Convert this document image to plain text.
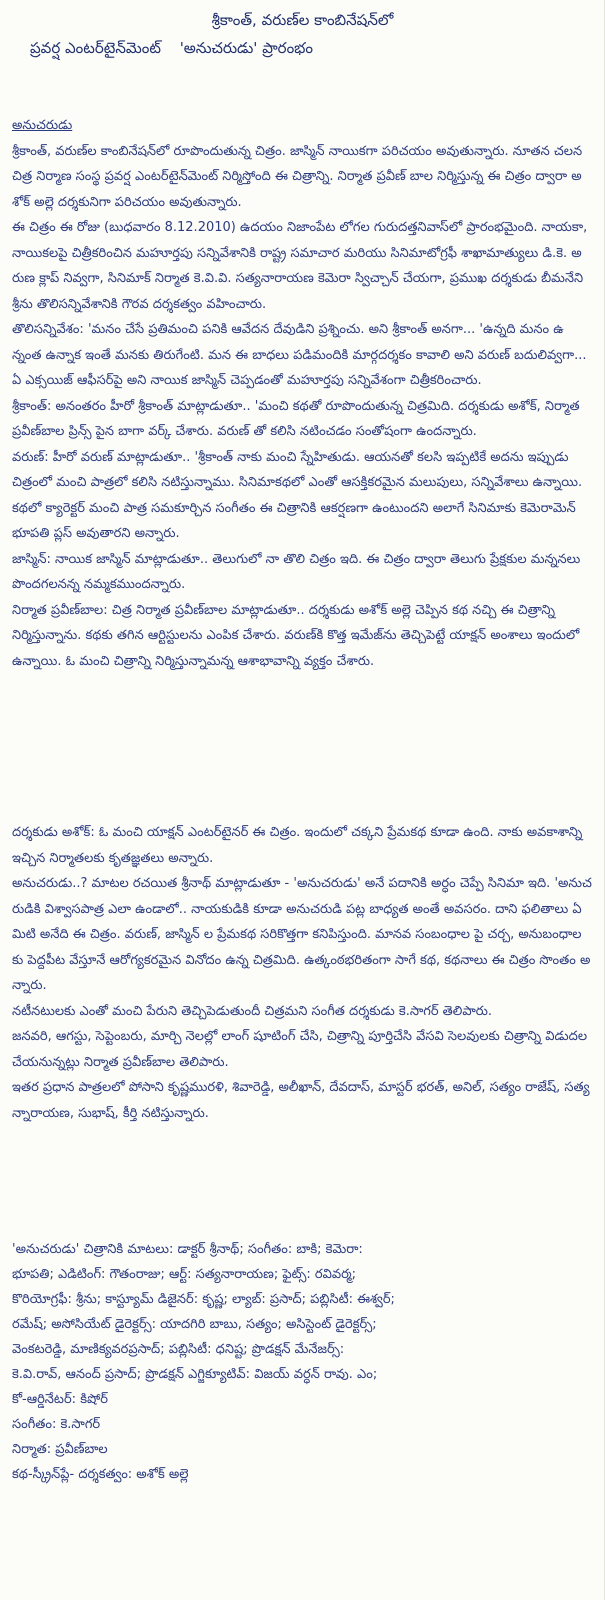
శ్రీకాంత్, వరుణ్‌ల కాంబినేషన్‌లో
ప్రవర్ష ఎంటర్‌టైన్‌మెంట్ 'అనుచరుడు' ప్రారంభం

అనుచరుడు

శ్రీకాంత్, వరుణ్‌ల కాంబినేషన్‌లో రూపొందుతున్న చిత్రం. జాస్మిన్ నాయికగా పరిచయం అవుతున్నారు. నూతన చలన చిత్ర నిర్మాణ సంస్థ ప్రవర్ష ఎంటర్‌టైన్‌మెంట్ నిర్మిస్తోంది ఈ చిత్రాన్ని. నిర్మాత ప్రవీణ్ బాల నిర్మిస్తున్న ఈ చిత్రం ద్వారా అశోక్ అల్లె దర్శకునిగా పరిచయం అవుతున్నారు.

ఈ చిత్రం ఈ రోజు (బుధవారం 8.12.2010) ఉదయం నిజాంపేట లోగల గురుదత్తనివాస్‌లో ప్రారంభమైంది. నాయకా,నాయికలపై చిత్రీకరించిన మహూర్తపు సన్నివేశానికి రాష్ట్ర సమాచార మరియు సినిమాటోగ్రఫీ శాఖామాత్యులు డి.కె. అరుణ క్లాప్ నివ్వగా, సినిమాక్ నిర్మాత కె.వి.వి. సత్యనారాయణ కెమెరా స్విచ్చాన్ చేయగా, ప్రముఖ దర్శకుడు బీమనేని శ్రీను తొలిసన్నివేశానికి గౌరవ దర్శకత్వం వహించారు.

తొలిసన్నివేశం: 'మనం చేసే ప్రతిమంచి పనికి ఆవేదన దేవుడిని ప్రశ్నించు. అని శ్రీకాంత్ అనగా... 'ఉన్నది మనం ఉన్నంత ఉన్నాక ఇంతే మనకు తిరుగేంటి. మన ఈ బాధలు పడిమందికి మార్గదర్శకం కావాలి అని వరుణ్ బదులివ్వగా... ఏ ఎక్సయిజ్ ఆఫీసర్‌పై అని నాయిక జాస్మిన్ చెప్పడంతో మహూర్తపు సన్నివేశంగా చిత్రీకరించారు.

శ్రీకాంత్: అనంతరం హీరో శ్రీకాంత్ మాట్లాడుతూ.. 'మంచి కథతో రూపొందుతున్న చిత్రమిది. దర్శకుడు అశోక్, నిర్మాత ప్రవీణ్‌బాల ప్రిన్స్ పైన బాగా వర్క్ చేశారు. వరుణ్ తో కలిసి నటించడం సంతోషంగా ఉందన్నారు.

వరుణ్: హీరో వరుణ్ మాట్లాడుతూ.. 'శ్రీకాంత్ నాకు మంచి స్నేహితుడు. ఆయనతో కలసి ఇప్పటికే అదను ఇప్పుడు చిత్రంలో మంచి పాత్రలో కలిసి నటిస్తున్నాము. సినిమాకథలో ఎంతో ఆసక్తికరమైన మలుపులు, సన్నివేశాలు ఉన్నాయి. కథలో క్యారెక్టర్ మంచి పాత్ర సమకూర్చిన సంగీతం ఈ చిత్రానికి ఆకర్షణగా ఉంటుందని అలాగే సినిమాకు కెమెరామెన్ భూపతి ప్లస్ అవుతారని అన్నారు.

జాస్మిన్: నాయిక జాస్మిన్ మాట్లాడుతూ.. తెలుగులో నా తొలి చిత్రం ఇది. ఈ చిత్రం ద్వారా తెలుగు ప్రేక్షకుల మన్ననలు పొందగలనన్న నమ్మకముందన్నారు.

నిర్మాత ప్రవీణ్‌బాల: చిత్ర నిర్మాత ప్రవీణ్‌బాల మాట్లాడుతూ.. దర్శకుడు అశోక్ అల్లె చెప్పిన కథ నచ్చి ఈ చిత్రాన్ని నిర్మిస్తున్నాను. కథకు తగిన ఆర్టిస్టులను ఎంపిక చేశారు. వరుణ్‌కి కొత్త ఇమేజ్‌ను తెచ్చిపెట్టే యాక్షన్ అంశాలు ఇందులో ఉన్నాయి. ఓ మంచి చిత్రాన్ని నిర్మిస్తున్నామన్న ఆశాభావాన్ని వ్యక్తం చేశారు.

దర్శకుడు అశోక్: ఓ మంచి యాక్షన్ ఎంటర్‌టైనర్ ఈ చిత్రం. ఇందులో చక్కని ప్రేమకథ కూడా ఉంది. నాకు అవకాశాన్ని ఇచ్చిన నిర్మాతలకు కృతజ్ఞతలు అన్నారు.

అనుచరుడు..? మాటల రచయిత శ్రీనాథ్ మాట్లాడుతూ - 'అనుచరుడు' అనే పదానికి అర్ధం చెప్పే సినిమా ఇది. 'అనుచరుడికి విశ్వాసపాత్ర ఎలా ఉండాలో.. నాయకుడికి కూడా అనుచరుడి పట్ల బాధ్యత అంతే అవసరం. దాని ఫలితాలు ఏమిటి అనేది ఈ చిత్రం. వరుణ్, జాస్మిన్ ల ప్రేమకథ సరికొత్తగా కనిపిస్తుంది. మానవ సంబంధాల పై చర్చ, అనుబంధాలకు పెద్దపీట వేస్తూనే ఆరోగ్యకరమైన వినోదం ఉన్న చిత్రమిది. ఉత్కంఠభరితంగా సాగే కథ, కథనాలు ఈ చిత్రం సొంతం అన్నారు.

నటీనటులకు ఎంతో మంచి పేరుని తెచ్చిపెడుతుందీ చిత్రమని సంగీత దర్శకుడు కె.సాగర్ తెలిపారు.

జనవరి, ఆగస్టు, సెప్టెంబరు, మార్చి నెలల్లో లాంగ్ షూటింగ్ చేసి, చిత్రాన్ని పూర్తిచేసి వేసవి సెలవులకు చిత్రాన్ని విడుదల చేయనున్నట్లు నిర్మాత ప్రవీణ్‌బాల తెలిపారు.

ఇతర ప్రధాన పాత్రలలో పోసాని కృష్ణమురళి, శివారెడ్డి, అలీఖాన్, దేవదాస్, మాస్టర్ భరత్, అనిల్, సత్యం రాజేష్, సత్యన్నారాయణ, సుభాష్, కీర్తి నటిస్తున్నారు.

'అనుచరుడు' చిత్రానికి మాటలు: డాక్టర్ శ్రీనాథ్; సంగీతం: బాకి; కెమెరా:

భూపతి; ఎడిటింగ్: గౌతంరాజు; ఆర్ట్: సత్యనారాయణ; ఫైట్స్: రవివర్మ;

కొరియోగ్రఫీ: శ్రీను; కాస్ట్యూమ్ డిజైనర్: కృష్ణ; ల్యాబ్: ప్రసాద్; పబ్లిసిటీ: ఈశ్వర్;

రమేష్; అసోసియేట్ డైరెక్టర్స్: యాదగిరి బాబు, సత్యం; అసిస్టెంట్ డైరెక్టర్స్;

వెంకటరెడ్డి, మాణిక్యవరప్రసాద్; పబ్లిసిటీ: ధనిష్ట; ప్రొడక్షన్ మేనేజర్స్:

కె.వి.రావ్, ఆనంద్ ప్రసాద్; ప్రొడక్షన్ ఎగ్జిక్యూటివ్: విజయ్ వర్ధన్ రావు. ఎం;

కో-ఆర్డినేటర్: కిషోర్

సంగీతం: కె.సాగర్

నిర్మాత: ప్రవీణ్‌బాల

కథ-స్క్రీన్‌ప్లే- దర్శకత్వం: అశోక్ అల్లె
